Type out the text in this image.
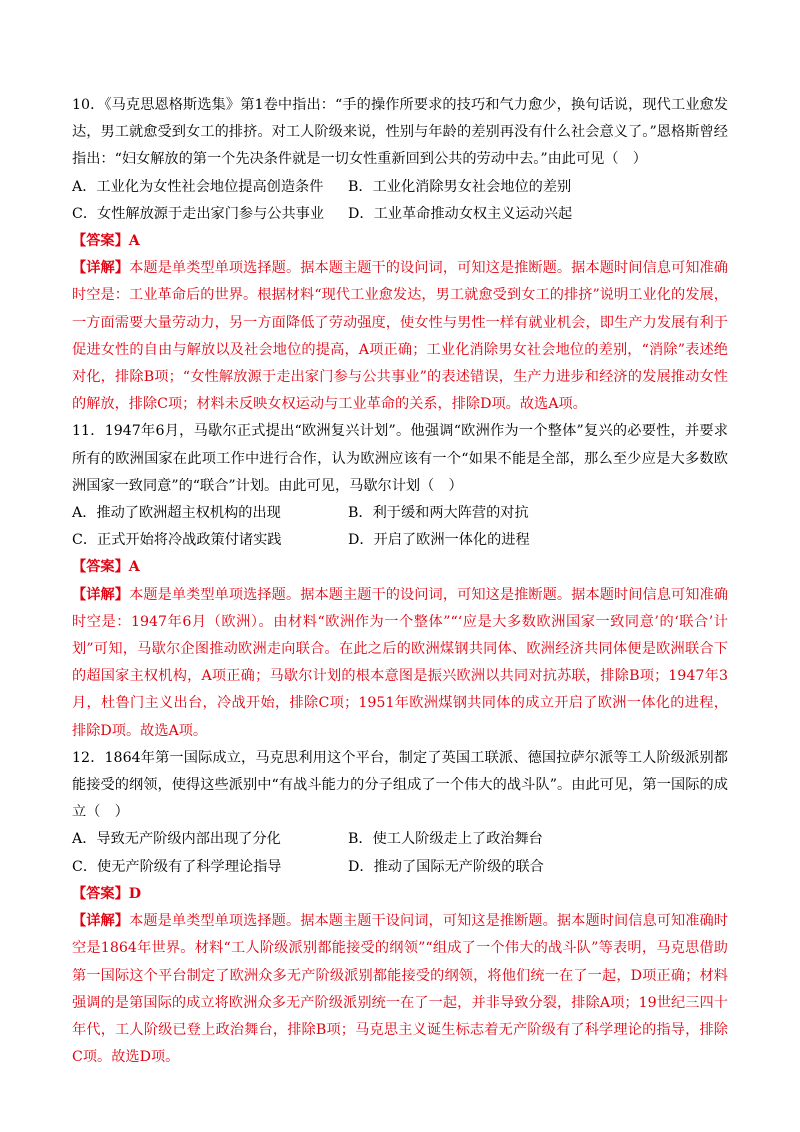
10．《马克思恩格斯选集》第1卷中指出：“手的操作所要求的技巧和气力愈少，换句话说，现代工业愈发达，男工就愈受到女工的排挤。对工人阶级来说，性别与年龄的差别再没有什么社会意义了。”恩格斯曾经指出：“妇女解放的第一个先决条件就是一切女性重新回到公共的劳动中去。”由此可见（　）
A．工业化为女性社会地位提高创造条件	B．工业化消除男女社会地位的差别
C．女性解放源于走出家门参与公共事业	D．工业革命推动女权主义运动兴起
【答案】A
【详解】本题是单类型单项选择题。据本题主题干的设问词，可知这是推断题。据本题时间信息可知准确时空是：工业革命后的世界。根据材料“现代工业愈发达，男工就愈受到女工的排挤”说明工业化的发展，一方面需要大量劳动力，另一方面降低了劳动强度，使女性与男性一样有就业机会，即生产力发展有利于促进女性的自由与解放以及社会地位的提高，A项正确；工业化消除男女社会地位的差别，“消除”表述绝对化，排除B项；“女性解放源于走出家门参与公共事业”的表述错误，生产力进步和经济的发展推动女性的解放，排除C项；材料未反映女权运动与工业革命的关系，排除D项。故选A项。
11．1947年6月，马歇尔正式提出“欧洲复兴计划”。他强调“欧洲作为一个整体”复兴的必要性，并要求所有的欧洲国家在此项工作中进行合作，认为欧洲应该有一个“如果不能是全部，那么至少应是大多数欧洲国家一致同意”的“联合”计划。由此可见，马歇尔计划（　）
A．推动了欧洲超主权机构的出现	B．利于缓和两大阵营的对抗
C．正式开始将冷战政策付诸实践	D．开启了欧洲一体化的进程
【答案】A
【详解】本题是单类型单项选择题。据本题主题干的设问词，可知这是推断题。据本题时间信息可知准确时空是：1947年6月（欧洲）。由材料“欧洲作为一个整体”“‘应是大多数欧洲国家一致同意’的‘联合’计划”可知，马歇尔企图推动欧洲走向联合。在此之后的欧洲煤钢共同体、欧洲经济共同体便是欧洲联合下的超国家主权机构，A项正确；马歇尔计划的根本意图是振兴欧洲以共同对抗苏联，排除B项；1947年3月，杜鲁门主义出台，冷战开始，排除C项；1951年欧洲煤钢共同体的成立开启了欧洲一体化的进程，排除D项。故选A项。
12．1864年第一国际成立，马克思利用这个平台，制定了英国工联派、德国拉萨尔派等工人阶级派别都能接受的纲领，使得这些派别中“有战斗能力的分子组成了一个伟大的战斗队”。由此可见，第一国际的成立（　）
A．导致无产阶级内部出现了分化	B．使工人阶级走上了政治舞台
C．使无产阶级有了科学理论指导	D．推动了国际无产阶级的联合
【答案】D
【详解】本题是单类型单项选择题。据本题主题干设问词，可知这是推断题。据本题时间信息可知准确时空是1864年世界。材料“工人阶级派别都能接受的纲领”“组成了一个伟大的战斗队”等表明，马克思借助第一国际这个平台制定了欧洲众多无产阶级派别都能接受的纲领，将他们统一在了一起，D项正确；材料强调的是第国际的成立将欧洲众多无产阶级派别统一在了一起，并非导致分裂，排除A项；19世纪三四十年代，工人阶级已登上政治舞台，排除B项；马克思主义诞生标志着无产阶级有了科学理论的指导，排除C项。故选D项。
